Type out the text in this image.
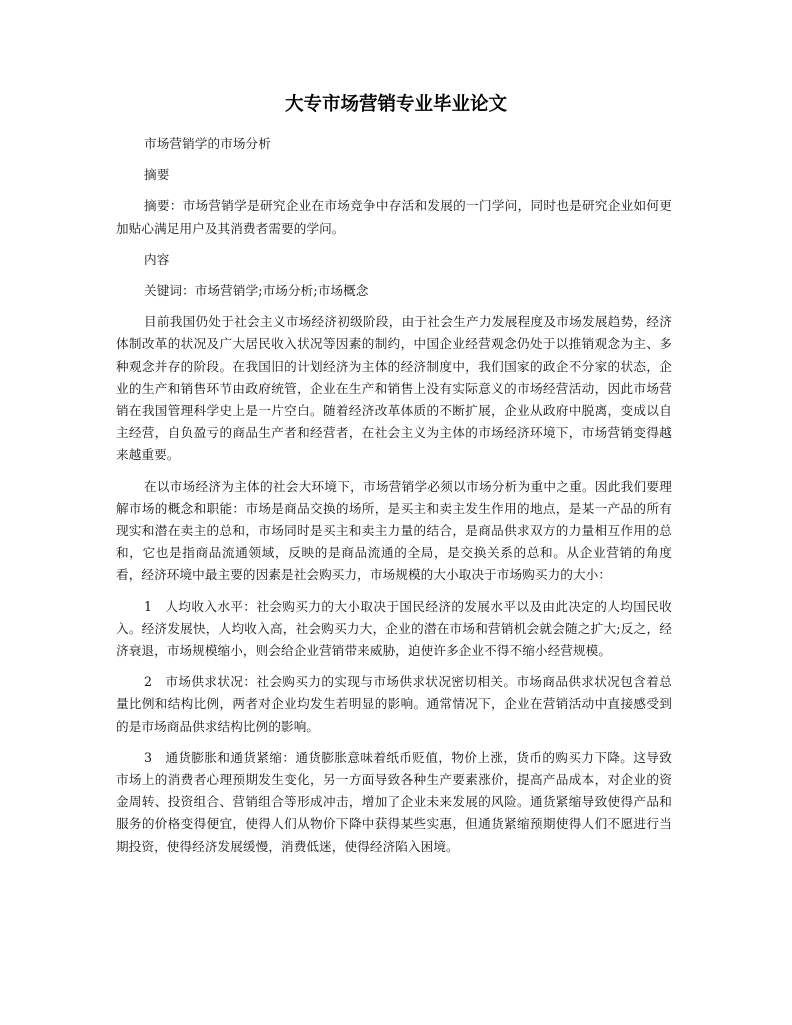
大专市场营销专业毕业论文

市场营销学的市场分析

摘要

摘要：市场营销学是研究企业在市场竞争中存活和发展的一门学问，同时也是研究企业如何更加贴心满足用户及其消费者需要的学问。

内容

关键词：市场营销学;市场分析;市场概念

目前我国仍处于社会主义市场经济初级阶段，由于社会生产力发展程度及市场发展趋势，经济体制改革的状况及广大居民收入状况等因素的制约，中国企业经营观念仍处于以推销观念为主、多种观念并存的阶段。在我国旧的计划经济为主体的经济制度中，我们国家的政企不分家的状态，企业的生产和销售环节由政府统管，企业在生产和销售上没有实际意义的市场经营活动，因此市场营销在我国管理科学史上是一片空白。随着经济改革体质的不断扩展，企业从政府中脱离，变成以自主经营，自负盈亏的商品生产者和经营者，在社会主义为主体的市场经济环境下，市场营销变得越来越重要。

在以市场经济为主体的社会大环境下，市场营销学必须以市场分析为重中之重。因此我们要理解市场的概念和职能：市场是商品交换的场所，是买主和卖主发生作用的地点，是某一产品的所有现实和潜在卖主的总和，市场同时是买主和卖主力量的结合，是商品供求双方的力量相互作用的总和，它也是指商品流通领域，反映的是商品流通的全局，是交换关系的总和。从企业营销的角度看，经济环境中最主要的因素是社会购买力，市场规模的大小取决于市场购买力的大小：

1　人均收入水平：社会购买力的大小取决于国民经济的发展水平以及由此决定的人均国民收入。经济发展快，人均收入高，社会购买力大，企业的潜在市场和营销机会就会随之扩大;反之，经济衰退，市场规模缩小，则会给企业营销带来威胁，迫使许多企业不得不缩小经营规模。

2　市场供求状况：社会购买力的实现与市场供求状况密切相关。市场商品供求状况包含着总量比例和结构比例，两者对企业均发生若明显的影响。通常情况下，企业在营销活动中直接感受到的是市场商品供求结构比例的影响。

3　通货膨胀和通货紧缩：通货膨胀意味着纸币贬值，物价上涨，货币的购买力下降。这导致市场上的消费者心理预期发生变化，另一方面导致各种生产要素涨价，提高产品成本，对企业的资金周转、投资组合、营销组合等形成冲击，增加了企业未来发展的风险。通货紧缩导致使得产品和服务的价格变得便宜，使得人们从物价下降中获得某些实惠，但通货紧缩预期使得人们不愿进行当期投资，使得经济发展缓慢，消费低迷，使得经济陷入困境。
